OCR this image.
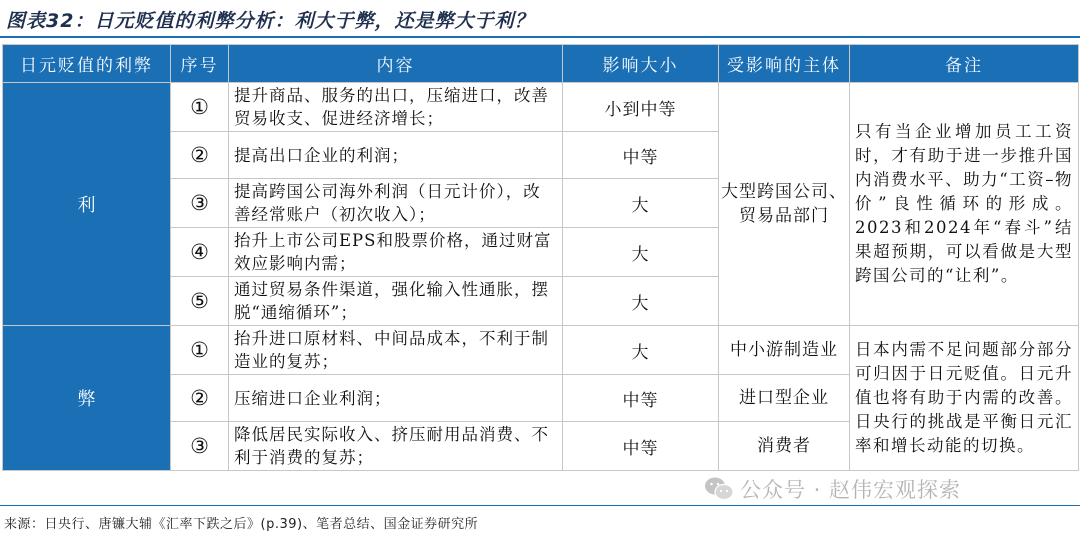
图表32：日元贬值的利弊分析：利大于弊，还是弊大于利？
日元贬值的利弊	序号	内容	影响大小	受影响的主体	备注
利	①	提升商品、服务的出口，压缩进口，改善贸易收支、促进经济增长；	小到中等	大型跨国公司、贸易品部门	只有当企业增加员工工资时，才有助于进一步推升国内消费水平、助力“工资–物价”良性循环的形成。2023和2024年“春斗”结果超预期，可以看做是大型跨国公司的“让利”。
	②	提高出口企业的利润；	中等		
	③	提高跨国公司海外利润（日元计价），改善经常账户（初次收入）；	大		
	④	抬升上市公司EPS和股票价格，通过财富效应影响内需；	大		
	⑤	通过贸易条件渠道，强化输入性通胀，摆脱“通缩循环”；	大		
弊	①	抬升进口原材料、中间品成本，不利于制造业的复苏；	大	中小游制造业	日本内需不足问题部分部分可归因于日元贬值。日元升值也将有助于内需的改善。日央行的挑战是平衡日元汇率和增长动能的切换。
	②	压缩进口企业利润；	中等	进口型企业	
	③	降低居民实际收入、挤压耐用品消费、不利于消费的复苏；	中等	消费者	
公众号 · 赵伟宏观探索
来源：日央行、唐镰大辅《汇率下跌之后》(p.39)、笔者总结、国金证券研究所
